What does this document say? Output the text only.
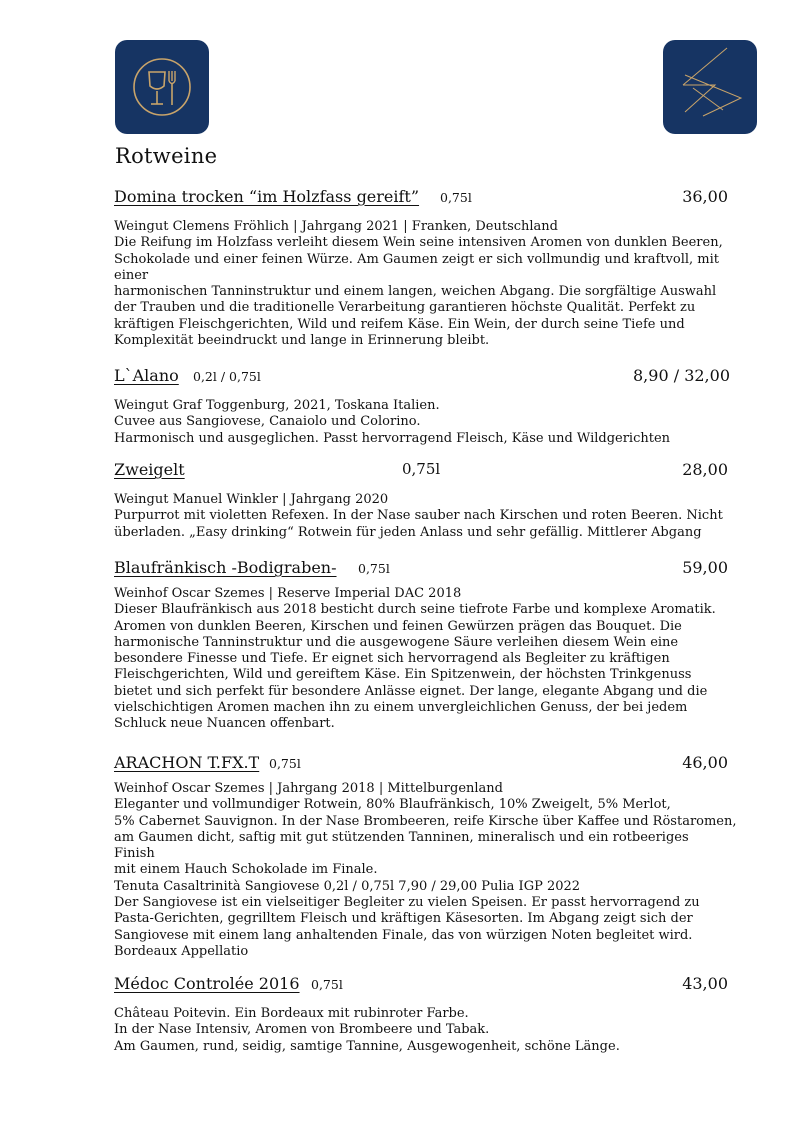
Rotweine
Domina trocken “im Holzfass gereift” 0,75l	36,00
Weingut Clemens Fröhlich | Jahrgang 2021 | Franken, Deutschland
Die Reifung im Holzfass verleiht diesem Wein seine intensiven Aromen von dunklen Beeren,
Schokolade und einer feinen Würze. Am Gaumen zeigt er sich vollmundig und kraftvoll, mit
einer
harmonischen Tanninstruktur und einem langen, weichen Abgang. Die sorgfältige Auswahl
der Trauben und die traditionelle Verarbeitung garantieren höchste Qualität. Perfekt zu
kräftigen Fleischgerichten, Wild und reifem Käse. Ein Wein, der durch seine Tiefe und
Komplexität beeindruckt und lange in Erinnerung bleibt.
L`Alano 0,2l / 0,75l	8,90 / 32,00
Weingut Graf Toggenburg, 2021, Toskana Italien.
Cuvee aus Sangiovese, Canaiolo und Colorino.
Harmonisch und ausgeglichen. Passt hervorragend Fleisch, Käse und Wildgerichten
Zweigelt	0,75l	28,00
Weingut Manuel Winkler | Jahrgang 2020
Purpurrot mit violetten Refexen. In der Nase sauber nach Kirschen und roten Beeren. Nicht
überladen. „Easy drinking“ Rotwein für jeden Anlass und sehr gefällig. Mittlerer Abgang
Blaufränkisch -Bodigraben- 0,75l	59,00
Weinhof Oscar Szemes | Reserve Imperial DAC 2018
Dieser Blaufränkisch aus 2018 besticht durch seine tiefrote Farbe und komplexe Aromatik.
Aromen von dunklen Beeren, Kirschen und feinen Gewürzen prägen das Bouquet. Die
harmonische Tanninstruktur und die ausgewogene Säure verleihen diesem Wein eine
besondere Finesse und Tiefe. Er eignet sich hervorragend als Begleiter zu kräftigen
Fleischgerichten, Wild und gereiftem Käse. Ein Spitzenwein, der höchsten Trinkgenuss
bietet und sich perfekt für besondere Anlässe eignet. Der lange, elegante Abgang und die
vielschichtigen Aromen machen ihn zu einem unvergleichlichen Genuss, der bei jedem
Schluck neue Nuancen offenbart.
ARACHON T.FX.T 0,75l	46,00
Weinhof Oscar Szemes | Jahrgang 2018 | Mittelburgenland
Eleganter und vollmundiger Rotwein, 80% Blaufränkisch, 10% Zweigelt, 5% Merlot,
5% Cabernet Sauvignon. In der Nase Brombeeren, reife Kirsche über Kaffee und Röstaromen,
am Gaumen dicht, saftig mit gut stützenden Tanninen, mineralisch und ein rotbeeriges
Finish
mit einem Hauch Schokolade im Finale.
Tenuta Casaltrinità Sangiovese 0,2l / 0,75l 7,90 / 29,00 Pulia IGP 2022
Der Sangiovese ist ein vielseitiger Begleiter zu vielen Speisen. Er passt hervorragend zu
Pasta-Gerichten, gegrilltem Fleisch und kräftigen Käsesorten. Im Abgang zeigt sich der
Sangiovese mit einem lang anhaltenden Finale, das von würzigen Noten begleitet wird.
Bordeaux Appellatio
Médoc Controlée 2016 0,75l	43,00
Château Poitevin. Ein Bordeaux mit rubinroter Farbe.
In der Nase Intensiv, Aromen von Brombeere und Tabak.
Am Gaumen, rund, seidig, samtige Tannine, Ausgewogenheit, schöne Länge.
